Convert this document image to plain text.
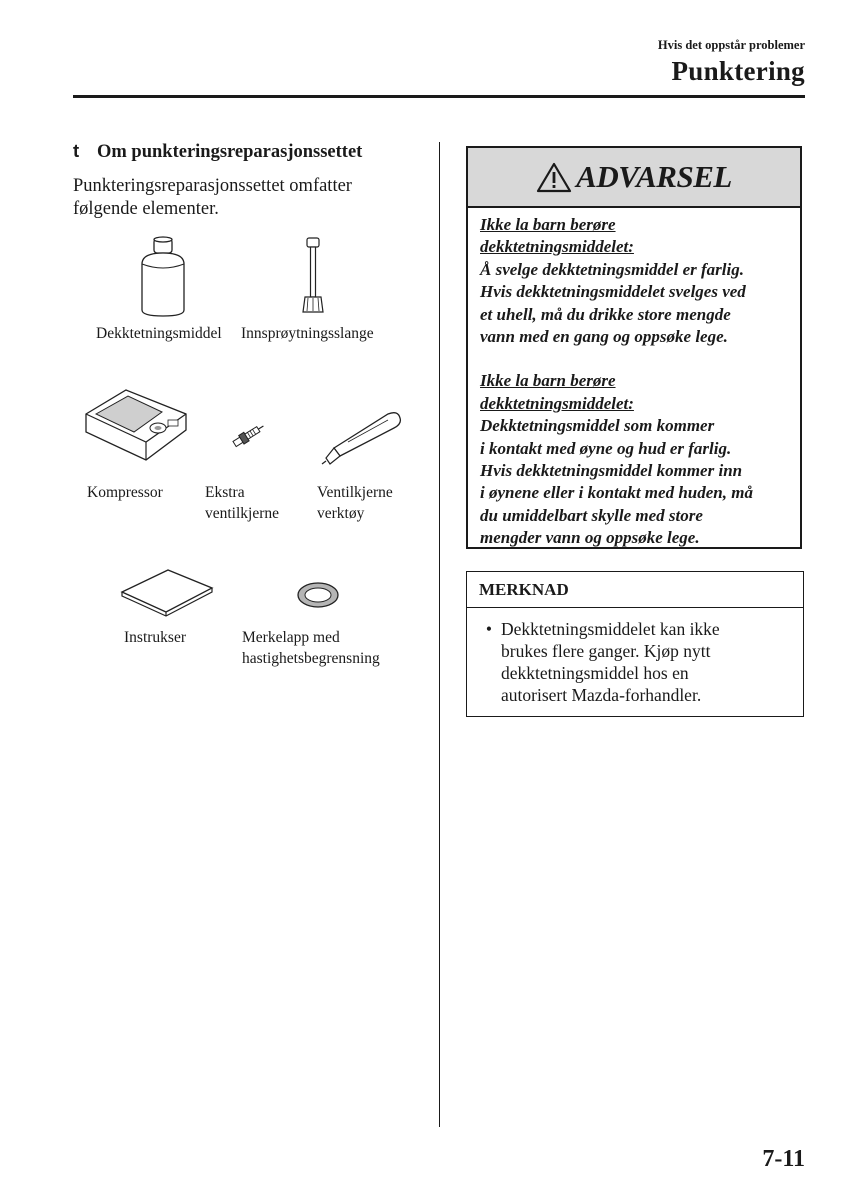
Hvis det oppstår problemer
Punktering
t Om punkteringsreparasjonssettet
Punkteringsreparasjonssettet omfatter
følgende elementer.
Dekktetningsmiddel Innsprøytningsslange
Kompressor	Ekstra
ventilkjerne
Ventilkjerne
verktøy
Instrukser	Merkelapp med
hastighetsbegrensning
ADVARSEL

Ikke la barn berøre
dekktetningsmiddelet:
Å svelge dekktetningsmiddel er farlig.
Hvis dekktetningsmiddelet svelges ved
et uhell, må du drikke store mengde
vann med en gang og oppsøke lege.

Ikke la barn berøre
dekktetningsmiddelet:
Dekktetningsmiddel som kommer
i kontakt med øyne og hud er farlig.
Hvis dekktetningsmiddel kommer inn
i øynene eller i kontakt med huden, må
du umiddelbart skylle med store
mengder vann og oppsøke lege.

MERKNAD
• Dekktetningsmiddelet kan ikke
brukes flere ganger. Kjøp nytt
dekktetningsmiddel hos en
autorisert Mazda-forhandler.
7-11
